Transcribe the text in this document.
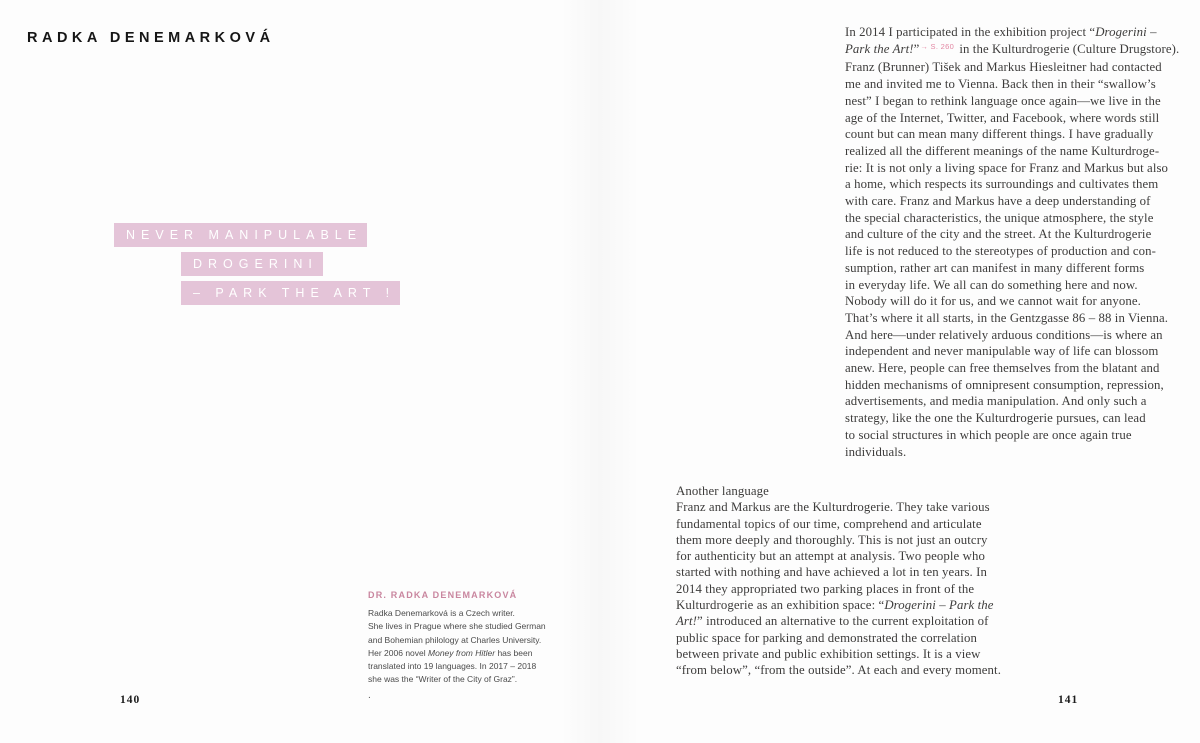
RADKA DENEMARKOVÁ
NEVER MANIPULABLE
DROGERINI
– PARK THE ART !
DR. RADKA DENEMARKOVÁ
Radka Denemarková is a Czech writer.
She lives in Prague where she studied German
and Bohemian philology at Charles University.
Her 2006 novel Money from Hitler has been
translated into 19 languages. In 2017 – 2018
she was the “Writer of the City of Graz”.
.
140
In 2014 I participated in the exhibition project “Drogerini –
Park the Art!”$^{\to S. 260}$ in the Kulturdrogerie (Culture Drugstore).
Franz (Brunner) Tišek and Markus Hiesleitner had contacted
me and invited me to Vienna. Back then in their “swallow’s
nest” I began to rethink language once again—we live in the
age of the Internet, Twitter, and Facebook, where words still
count but can mean many different things. I have gradually
realized all the different meanings of the name Kulturdroge-
rie: It is not only a living space for Franz and Markus but also
a home, which respects its surroundings and cultivates them
with care. Franz and Markus have a deep understanding of
the special characteristics, the unique atmosphere, the style
and culture of the city and the street. At the Kulturdrogerie
life is not reduced to the stereotypes of production and con-
sumption, rather art can manifest in many different forms
in everyday life. We all can do something here and now.
Nobody will do it for us, and we cannot wait for anyone.
That’s where it all starts, in the Gentzgasse 86 – 88 in Vienna.
And here—under relatively arduous conditions—is where an
independent and never manipulable way of life can blossom
anew. Here, people can free themselves from the blatant and
hidden mechanisms of omnipresent consumption, repression,
advertisements, and media manipulation. And only such a
strategy, like the one the Kulturdrogerie pursues, can lead
to social structures in which people are once again true
individuals.
Another language
Franz and Markus are the Kulturdrogerie. They take various
fundamental topics of our time, comprehend and articulate
them more deeply and thoroughly. This is not just an outcry
for authenticity but an attempt at analysis. Two people who
started with nothing and have achieved a lot in ten years. In
2014 they appropriated two parking places in front of the
Kulturdrogerie as an exhibition space: “Drogerini – Park the
Art!” introduced an alternative to the current exploitation of
public space for parking and demonstrated the correlation
between private and public exhibition settings. It is a view
“from below”, “from the outside”. At each and every moment.
141
